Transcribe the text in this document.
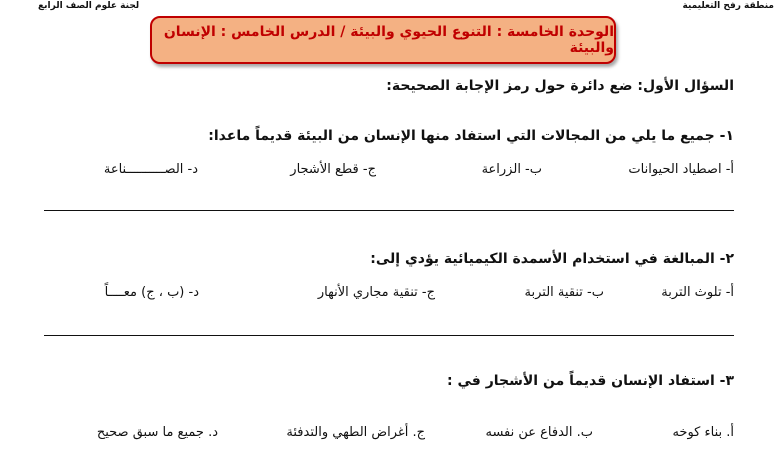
منطقة رفح التعليمية
لجنة علوم الصف الرابع
الوحدة الخامسة : التنوع الحيوي والبيئة / الدرس الخامس : الإنسان والبيئة
السؤال الأول: ضع دائرة حول رمز الإجابة الصحيحة:
١- جميع ما يلي من المجالات التي استفاد منها الإنسان من البيئة قديماً ماعدا:
أ- اصطياد الحيوانات
ب- الزراعة
ج- قطع الأشجار
د- الصــــــــــناعة
٢- المبالغة في استخدام الأسمدة الكيميائية يؤدي إلى:
أ- تلوث التربة
ب- تنقية التربة
ج- تنقية مجاري الأنهار
د- (ب ، ج) معــــاً
٣- استفاد الإنسان قديماً من الأشجار في :
أ. بناء كوخه
ب. الدفاع عن نفسه
ج. أغراض الطهي والتدفئة
د. جميع ما سبق صحيح
